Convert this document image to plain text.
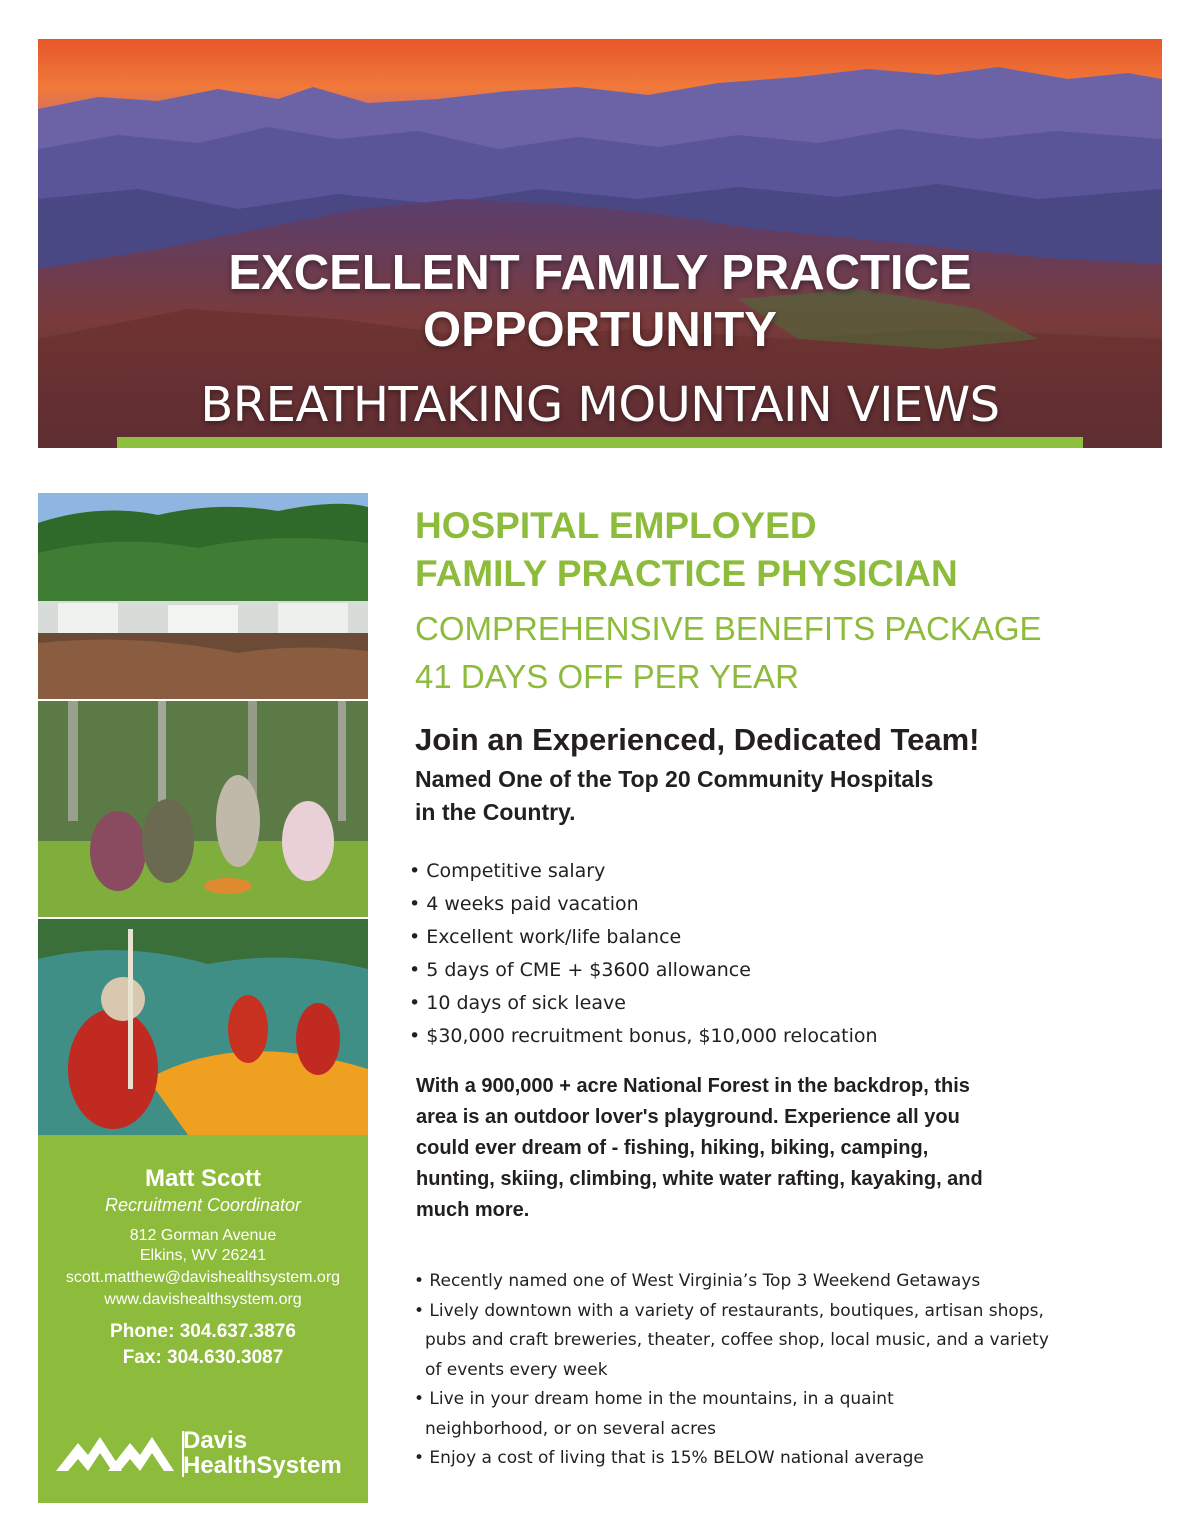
EXCELLENT FAMILY PRACTICE
OPPORTUNITY
BREATHTAKING MOUNTAIN VIEWS
Matt Scott
Recruitment Coordinator
812 Gorman Avenue
Elkins, WV 26241
scott.matthew@davishealthsystem.org
www.davishealthsystem.org
Phone: 304.637.3876
Fax: 304.630.3087
Davis
HealthSystem
HOSPITAL EMPLOYED
FAMILY PRACTICE PHYSICIAN
COMPREHENSIVE BENEFITS PACKAGE
41 DAYS OFF PER YEAR
Join an Experienced, Dedicated Team!
Named One of the Top 20 Community Hospitals
in the Country.
• Competitive salary
• 4 weeks paid vacation
• Excellent work/life balance
• 5 days of CME + $3600 allowance
• 10 days of sick leave
• $30,000 recruitment bonus, $10,000 relocation
With a 900,000 + acre National Forest in the backdrop, this
area is an outdoor lover's playground. Experience all you
could ever dream of - fishing, hiking, biking, camping,
hunting, skiing, climbing, white water rafting, kayaking, and
much more.
• Recently named one of West Virginia’s Top 3 Weekend Getaways
• Lively downtown with a variety of restaurants, boutiques, artisan shops,
pubs and craft breweries, theater, coffee shop, local music, and a variety
of events every week
• Live in your dream home in the mountains, in a quaint
neighborhood, or on several acres
• Enjoy a cost of living that is 15% BELOW national average
